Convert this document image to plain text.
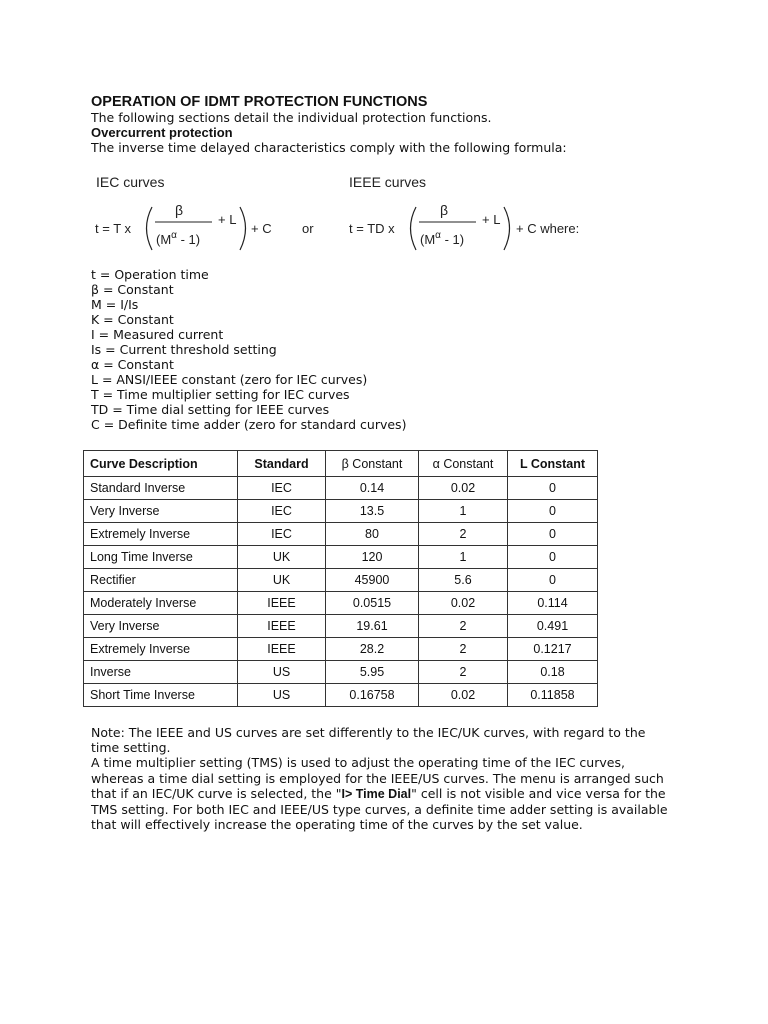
OPERATION OF IDMT PROTECTION FUNCTIONS
The following sections detail the individual protection functions.
Overcurrent protection
The inverse time delayed characteristics comply with the following formula:
IEC curves
t = T x
β
$(M^\alpha - 1)$
+ L
+ C or
IEEE curves
t = TD x
β
$(M^\alpha - 1)$
+ L
+ C where:
t = Operation time
β = Constant
M = I/Is
K = Constant
I = Measured current
Is = Current threshold setting
α = Constant
L = ANSI/IEEE constant (zero for IEC curves)
T = Time multiplier setting for IEC curves
TD = Time dial setting for IEEE curves
C = Definite time adder (zero for standard curves)
Curve Description	Standard	β Constant	α Constant	L Constant
Standard Inverse	IEC	0.14	0.02	0
Very Inverse	IEC	13.5	1	0
Extremely Inverse	IEC	80	2	0
Long Time Inverse	UK	120	1	0
Rectifier	UK	45900	5.6	0
Moderately Inverse	IEEE	0.0515	0.02	0.114
Very Inverse	IEEE	19.61	2	0.491
Extremely Inverse	IEEE	28.2	2	0.1217
Inverse	US	5.95	2	0.18
Short Time Inverse	US	0.16758	0.02	0.11858

Note: The IEEE and US curves are set differently to the IEC/UK curves, with regard to the time setting.

A time multiplier setting (TMS) is used to adjust the operating time of the IEC curves, whereas a time dial setting is employed for the IEEE/US curves. The menu is arranged such that if an IEC/UK curve is selected, the "I> Time Dial" cell is not visible and vice versa for the TMS setting. For both IEC and IEEE/US type curves, a definite time adder setting is available that will effectively increase the operating time of the curves by the set value.
